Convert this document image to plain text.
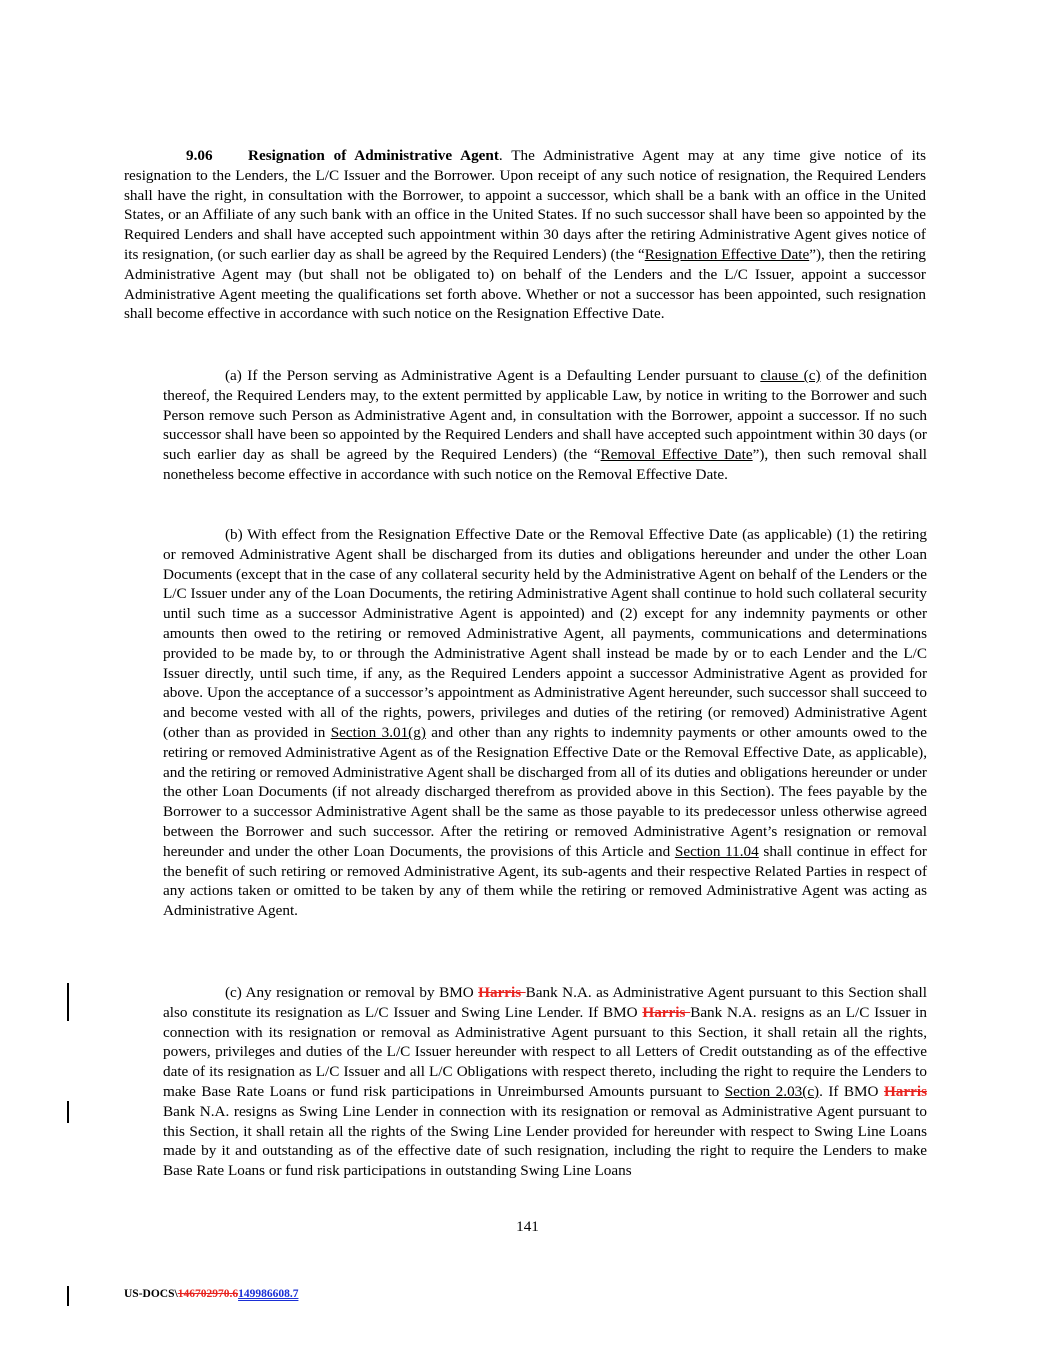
9.06 Resignation of Administrative Agent. The Administrative Agent may at any time give notice of its resignation to the Lenders, the L/C Issuer and the Borrower. Upon receipt of any such notice of resignation, the Required Lenders shall have the right, in consultation with the Borrower, to appoint a successor, which shall be a bank with an office in the United States, or an Affiliate of any such bank with an office in the United States. If no such successor shall have been so appointed by the Required Lenders and shall have accepted such appointment within 30 days after the retiring Administrative Agent gives notice of its resignation, (or such earlier day as shall be agreed by the Required Lenders) (the “Resignation Effective Date”), then the retiring Administrative Agent may (but shall not be obligated to) on behalf of the Lenders and the L/C Issuer, appoint a successor Administrative Agent meeting the qualifications set forth above. Whether or not a successor has been appointed, such resignation shall become effective in accordance with such notice on the Resignation Effective Date.
(a) If the Person serving as Administrative Agent is a Defaulting Lender pursuant to clause (c) of the definition thereof, the Required Lenders may, to the extent permitted by applicable Law, by notice in writing to the Borrower and such Person remove such Person as Administrative Agent and, in consultation with the Borrower, appoint a successor. If no such successor shall have been so appointed by the Required Lenders and shall have accepted such appointment within 30 days (or such earlier day as shall be agreed by the Required Lenders) (the “Removal Effective Date”), then such removal shall nonetheless become effective in accordance with such notice on the Removal Effective Date.
(b) With effect from the Resignation Effective Date or the Removal Effective Date (as applicable) (1) the retiring or removed Administrative Agent shall be discharged from its duties and obligations hereunder and under the other Loan Documents (except that in the case of any collateral security held by the Administrative Agent on behalf of the Lenders or the L/C Issuer under any of the Loan Documents, the retiring Administrative Agent shall continue to hold such collateral security until such time as a successor Administrative Agent is appointed) and (2) except for any indemnity payments or other amounts then owed to the retiring or removed Administrative Agent, all payments, communications and determinations provided to be made by, to or through the Administrative Agent shall instead be made by or to each Lender and the L/C Issuer directly, until such time, if any, as the Required Lenders appoint a successor Administrative Agent as provided for above. Upon the acceptance of a successor’s appointment as Administrative Agent hereunder, such successor shall succeed to and become vested with all of the rights, powers, privileges and duties of the retiring (or removed) Administrative Agent (other than as provided in Section 3.01(g) and other than any rights to indemnity payments or other amounts owed to the retiring or removed Administrative Agent as of the Resignation Effective Date or the Removal Effective Date, as applicable), and the retiring or removed Administrative Agent shall be discharged from all of its duties and obligations hereunder or under the other Loan Documents (if not already discharged therefrom as provided above in this Section). The fees payable by the Borrower to a successor Administrative Agent shall be the same as those payable to its predecessor unless otherwise agreed between the Borrower and such successor. After the retiring or removed Administrative Agent’s resignation or removal hereunder and under the other Loan Documents, the provisions of this Article and Section 11.04 shall continue in effect for the benefit of such retiring or removed Administrative Agent, its sub-agents and their respective Related Parties in respect of any actions taken or omitted to be taken by any of them while the retiring or removed Administrative Agent was acting as Administrative Agent.
(c) Any resignation or removal by BMO Harris Bank N.A. as Administrative Agent pursuant to this Section shall also constitute its resignation as L/C Issuer and Swing Line Lender. If BMO Harris Bank N.A. resigns as an L/C Issuer in connection with its resignation or removal as Administrative Agent pursuant to this Section, it shall retain all the rights, powers, privileges and duties of the L/C Issuer hereunder with respect to all Letters of Credit outstanding as of the effective date of its resignation as L/C Issuer and all L/C Obligations with respect thereto, including the right to require the Lenders to make Base Rate Loans or fund risk participations in Unreimbursed Amounts pursuant to Section 2.03(c). If BMO Harris Bank N.A. resigns as Swing Line Lender in connection with its resignation or removal as Administrative Agent pursuant to this Section, it shall retain all the rights of the Swing Line Lender provided for hereunder with respect to Swing Line Loans made by it and outstanding as of the effective date of such resignation, including the right to require the Lenders to make Base Rate Loans or fund risk participations in outstanding Swing Line Loans
141
US-DOCS\146702970.6149986608.7
